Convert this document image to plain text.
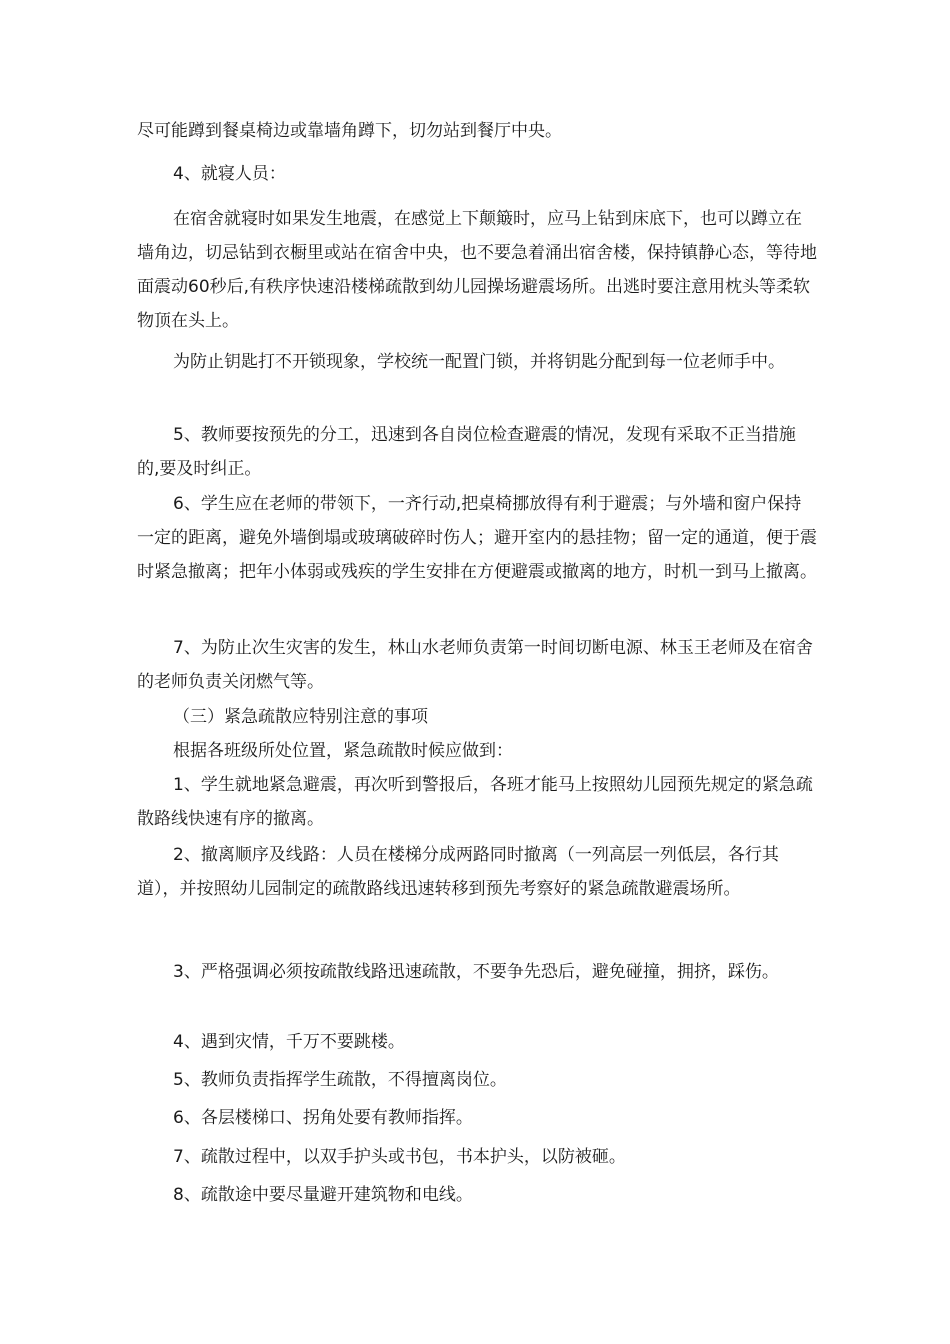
尽可能蹲到餐桌椅边或靠墙角蹲下，切勿站到餐厅中央。

4、就寝人员：

在宿舍就寝时如果发生地震，在感觉上下颠簸时，应马上钻到床底下，也可以蹲立在墙角边，切忌钻到衣橱里或站在宿舍中央，也不要急着涌出宿舍楼，保持镇静心态，等待地面震动60秒后,有秩序快速沿楼梯疏散到幼儿园操场避震场所。出逃时要注意用枕头等柔软物顶在头上。

为防止钥匙打不开锁现象，学校统一配置门锁，并将钥匙分配到每一位老师手中。

5、教师要按预先的分工，迅速到各自岗位检查避震的情况，发现有采取不正当措施的,要及时纠正。

6、学生应在老师的带领下，一齐行动,把桌椅挪放得有利于避震；与外墙和窗户保持一定的距离，避免外墙倒塌或玻璃破碎时伤人；避开室内的悬挂物；留一定的通道，便于震时紧急撤离；把年小体弱或残疾的学生安排在方便避震或撤离的地方，时机一到马上撤离。

7、为防止次生灾害的发生，林山水老师负责第一时间切断电源、林玉王老师及在宿舍的老师负责关闭燃气等。

（三）紧急疏散应特别注意的事项

根据各班级所处位置，紧急疏散时候应做到：

1、学生就地紧急避震，再次听到警报后，各班才能马上按照幼儿园预先规定的紧急疏散路线快速有序的撤离。

2、撤离顺序及线路：人员在楼梯分成两路同时撤离（一列高层一列低层，各行其道），并按照幼儿园制定的疏散路线迅速转移到预先考察好的紧急疏散避震场所。

3、严格强调必须按疏散线路迅速疏散，不要争先恐后，避免碰撞，拥挤，踩伤。

4、遇到灾情，千万不要跳楼。

5、教师负责指挥学生疏散，不得擅离岗位。

6、各层楼梯口、拐角处要有教师指挥。

7、疏散过程中，以双手护头或书包，书本护头，以防被砸。

8、疏散途中要尽量避开建筑物和电线。
